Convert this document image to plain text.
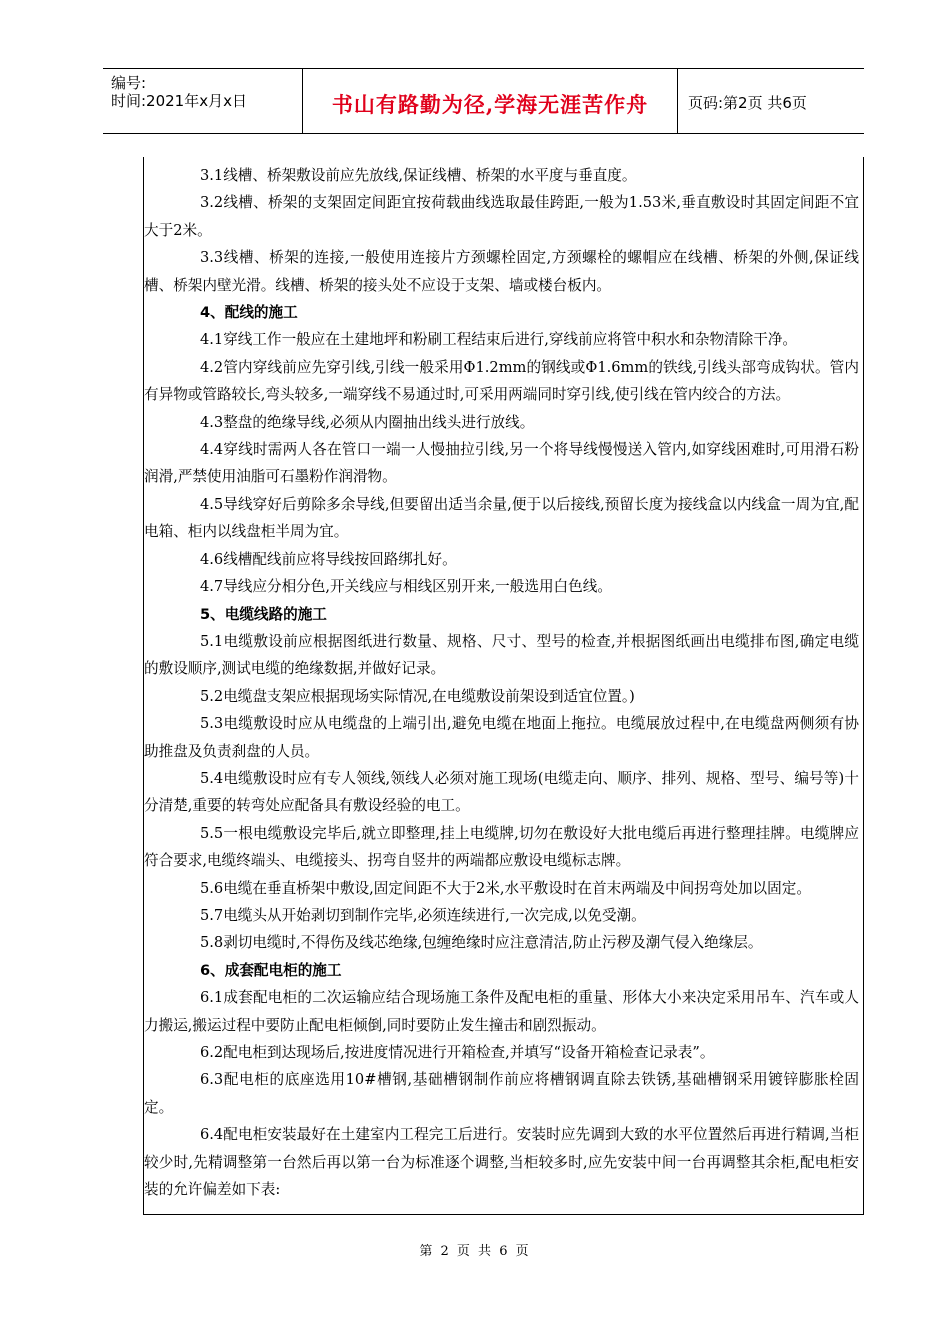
编号:
时间:2021年x月x日	书山有路勤为径,学海无涯苦作舟	页码:第2页 共6页

3.1线槽、桥架敷设前应先放线,保证线槽、桥架的水平度与垂直度。

3.2线槽、桥架的支架固定间距宜按荷载曲线选取最佳跨距,一般为1.53米,垂直敷设时其固定间距不宜大于2米。

3.3线槽、桥架的连接,一般使用连接片方颈螺栓固定,方颈螺栓的螺帽应在线槽、桥架的外侧,保证线槽、桥架内壁光滑。线槽、桥架的接头处不应设于支架、墙或楼台板内。

4、配线的施工

4.1穿线工作一般应在土建地坪和粉刷工程结束后进行,穿线前应将管中积水和杂物清除干净。

4.2管内穿线前应先穿引线,引线一般采用Φ1.2mm的钢线或Φ1.6mm的铁线,引线头部弯成钩状。管内有异物或管路较长,弯头较多,一端穿线不易通过时,可采用两端同时穿引线,使引线在管内绞合的方法。

4.3整盘的绝缘导线,必须从内圈抽出线头进行放线。

4.4穿线时需两人各在管口一端一人慢抽拉引线,另一个将导线慢慢送入管内,如穿线困难时,可用滑石粉润滑,严禁使用油脂可石墨粉作润滑物。

4.5导线穿好后剪除多余导线,但要留出适当余量,便于以后接线,预留长度为接线盒以内线盒一周为宜,配电箱、柜内以线盘柜半周为宜。

4.6线槽配线前应将导线按回路绑扎好。

4.7导线应分相分色,开关线应与相线区别开来,一般选用白色线。

5、电缆线路的施工

5.1电缆敷设前应根据图纸进行数量、规格、尺寸、型号的检查,并根据图纸画出电缆排布图,确定电缆的敷设顺序,测试电缆的绝缘数据,并做好记录。

5.2电缆盘支架应根据现场实际情况,在电缆敷设前架设到适宜位置。)

5.3电缆敷设时应从电缆盘的上端引出,避免电缆在地面上拖拉。电缆展放过程中,在电缆盘两侧须有协助推盘及负责刹盘的人员。

5.4电缆敷设时应有专人领线,领线人必须对施工现场(电缆走向、顺序、排列、规格、型号、编号等)十分清楚,重要的转弯处应配备具有敷设经验的电工。

5.5一根电缆敷设完毕后,就立即整理,挂上电缆牌,切勿在敷设好大批电缆后再进行整理挂牌。电缆牌应符合要求,电缆终端头、电缆接头、拐弯自竖井的两端都应敷设电缆标志牌。

5.6电缆在垂直桥架中敷设,固定间距不大于2米,水平敷设时在首末两端及中间拐弯处加以固定。

5.7电缆头从开始剥切到制作完毕,必须连续进行,一次完成,以免受潮。

5.8剥切电缆时,不得伤及线芯绝缘,包缠绝缘时应注意清洁,防止污秽及潮气侵入绝缘层。

6、成套配电柜的施工

6.1成套配电柜的二次运输应结合现场施工条件及配电柜的重量、形体大小来决定采用吊车、汽车或人力搬运,搬运过程中要防止配电柜倾倒,同时要防止发生撞击和剧烈振动。

6.2配电柜到达现场后,按进度情况进行开箱检查,并填写“设备开箱检查记录表”。

6.3配电柜的底座选用10#槽钢,基础槽钢制作前应将槽钢调直除去铁锈,基础槽钢采用镀锌膨胀栓固定。

6.4配电柜安装最好在土建室内工程完工后进行。安装时应先调到大致的水平位置然后再进行精调,当柜较少时,先精调整第一台然后再以第一台为标准逐个调整,当柜较多时,应先安装中间一台再调整其余柜,配电柜安装的允许偏差如下表:

第 2 页 共 6 页
